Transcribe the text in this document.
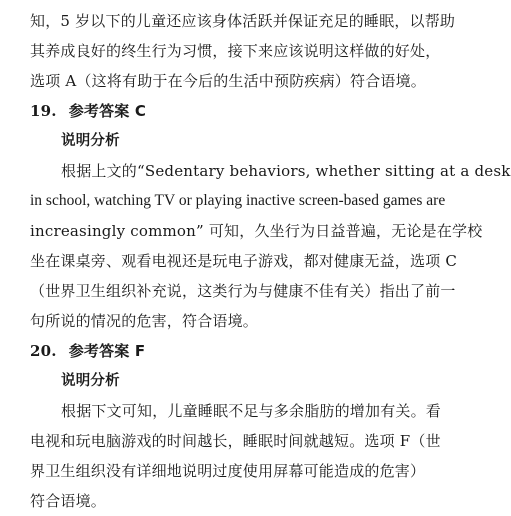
知，5 岁以下的儿童还应该身体活跃并保证充足的睡眠，以帮助
其养成良好的终生行为习惯，接下来应该说明这样做的好处，
选项 A（这将有助于在今后的生活中预防疾病）符合语境。
19. 参考答案 C
说明分析
根据上文的“Sedentary behaviors, whether sitting at a desk
in school, watching TV or playing inactive screen-based games are
increasingly common” 可知，久坐行为日益普遍，无论是在学校
坐在课桌旁、观看电视还是玩电子游戏，都对健康无益，选项 C
（世界卫生组织补充说，这类行为与健康不佳有关）指出了前一
句所说的情况的危害，符合语境。
20. 参考答案 F
说明分析
根据下文可知，儿童睡眠不足与多余脂肪的增加有关。看
电视和玩电脑游戏的时间越长，睡眠时间就越短。选项 F（世
界卫生组织没有详细地说明过度使用屏幕可能造成的危害）
符合语境。
